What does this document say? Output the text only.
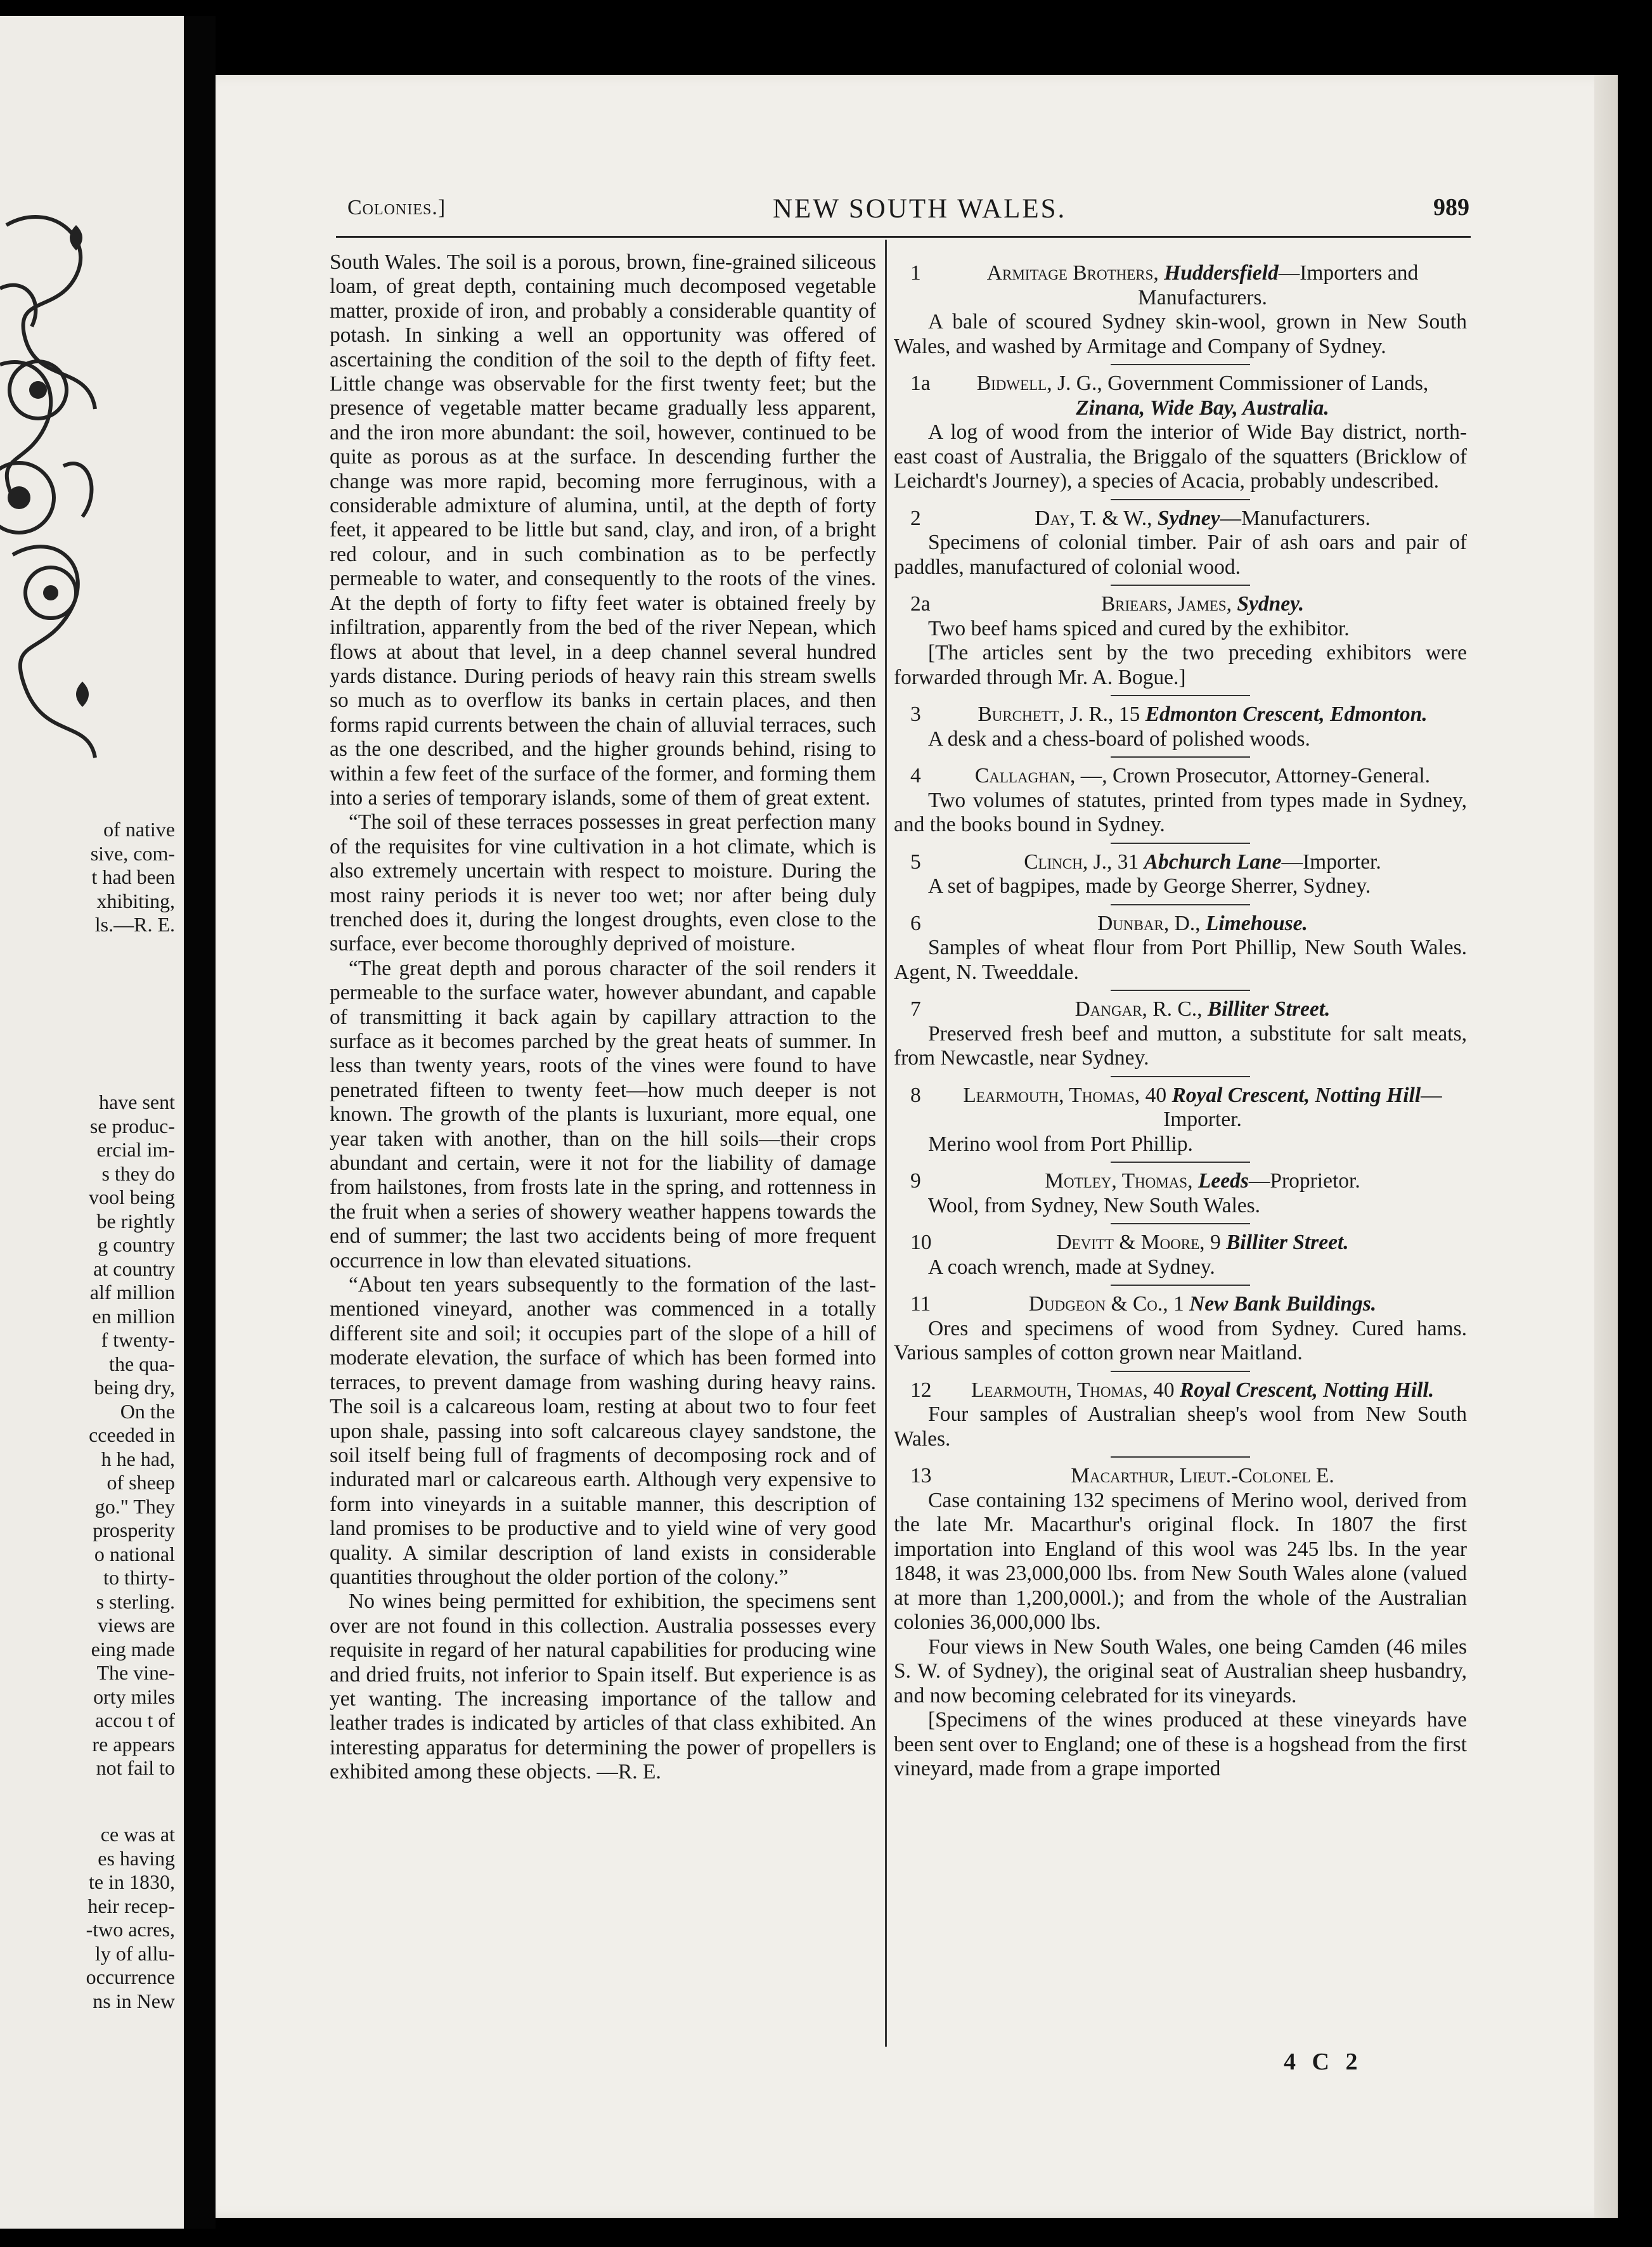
of native
sive, com-
t had been
xhibiting,
ls.—R. E.
have sent
se produc-
ercial im-
s they do
vool being
be rightly
g country
at country
alf million
en million
f twenty-
the qua-
being dry,
On the
cceeded in
h he had,
of sheep
go." They
prosperity
o national
to thirty-
s sterling.
views are
eing made
The vine-
orty miles
accou t of
re appears
not fail to
ce was at
es having
te in 1830,
heir recep-
-two acres,
ly of allu-
occurrence
ns in New
Colonies.]	NEW SOUTH WALES.	989

South Wales. The soil is a porous, brown, fine-grained siliceous loam, of great depth, containing much decomposed vegetable matter, proxide of iron, and probably a considerable quantity of potash. In sinking a well an opportunity was offered of ascertaining the condition of the soil to the depth of fifty feet. Little change was observable for the first twenty feet; but the presence of vegetable matter became gradually less apparent, and the iron more abundant: the soil, however, continued to be quite as porous as at the surface. In descending further the change was more rapid, becoming more ferruginous, with a considerable admixture of alumina, until, at the depth of forty feet, it appeared to be little but sand, clay, and iron, of a bright red colour, and in such combination as to be perfectly permeable to water, and consequently to the roots of the vines. At the depth of forty to fifty feet water is obtained freely by infiltration, apparently from the bed of the river Nepean, which flows at about that level, in a deep channel several hundred yards distance. During periods of heavy rain this stream swells so much as to overflow its banks in certain places, and then forms rapid currents between the chain of alluvial terraces, such as the one described, and the higher grounds behind, rising to within a few feet of the surface of the former, and forming them into a series of temporary islands, some of them of great extent.

“The soil of these terraces possesses in great perfection many of the requisites for vine cultivation in a hot climate, which is also extremely uncertain with respect to moisture. During the most rainy periods it is never too wet; nor after being duly trenched does it, during the longest droughts, even close to the surface, ever become thoroughly deprived of moisture.

“The great depth and porous character of the soil renders it permeable to the surface water, however abundant, and capable of transmitting it back again by capillary attraction to the surface as it becomes parched by the great heats of summer. In less than twenty years, roots of the vines were found to have penetrated fifteen to twenty feet—how much deeper is not known. The growth of the plants is luxuriant, more equal, one year taken with another, than on the hill soils—their crops abundant and certain, were it not for the liability of damage from hailstones, from frosts late in the spring, and rottenness in the fruit when a series of showery weather happens towards the end of summer; the last two accidents being of more frequent occurrence in low than elevated situations.

“About ten years subsequently to the formation of the last-mentioned vineyard, another was commenced in a totally different site and soil; it occupies part of the slope of a hill of moderate elevation, the surface of which has been formed into terraces, to prevent damage from washing during heavy rains. The soil is a calcareous loam, resting at about two to four feet upon shale, passing into soft calcareous clayey sandstone, the soil itself being full of fragments of decomposing rock and of indurated marl or calcareous earth. Although very expensive to form into vineyards in a suitable manner, this description of land promises to be productive and to yield wine of very good quality. A similar description of land exists in considerable quantities throughout the older portion of the colony.”

No wines being permitted for exhibition, the specimens sent over are not found in this collection. Australia possesses every requisite in regard of her natural capabilities for producing wine and dried fruits, not inferior to Spain itself. But experience is as yet wanting. The increasing importance of the tallow and leather trades is indicated by articles of that class exhibited. An interesting apparatus for determining the power of propellers is exhibited among these objects. —R. E.

1	Armitage Brothers, Huddersfield—Importers and Manufacturers.
A bale of scoured Sydney skin-wool, grown in New South Wales, and washed by Armitage and Company of Sydney.
1a Bidwell, J. G., Government Commissioner of Lands, Zinana, Wide Bay, Australia.
A log of wood from the interior of Wide Bay district, north-east coast of Australia, the Briggalo of the squatters (Bricklow of Leichardt's Journey), a species of Acacia, probably undescribed.
2	Day, T. & W., Sydney—Manufacturers.
Specimens of colonial timber. Pair of ash oars and pair of paddles, manufactured of colonial wood.
2a	Briears, James, Sydney.
Two beef hams spiced and cured by the exhibitor.
[The articles sent by the two preceding exhibitors were forwarded through Mr. A. Bogue.]
3	Burchett, J. R., 15 Edmonton Crescent, Edmonton.
A desk and a chess-board of polished woods.
4	Callaghan, —, Crown Prosecutor, Attorney-General.
Two volumes of statutes, printed from types made in Sydney, and the books bound in Sydney.
5	Clinch, J., 31 Abchurch Lane—Importer.
A set of bagpipes, made by George Sherrer, Sydney.
6	Dunbar, D., Limehouse.
Samples of wheat flour from Port Phillip, New South Wales. Agent, N. Tweeddale.
7	Dangar, R. C., Billiter Street.
Preserved fresh beef and mutton, a substitute for salt meats, from Newcastle, near Sydney.
8 Learmouth, Thomas, 40 Royal Crescent, Notting Hill—Importer.
Merino wool from Port Phillip.
9	Motley, Thomas, Leeds—Proprietor.
Wool, from Sydney, New South Wales.
10	Devitt & Moore, 9 Billiter Street.
A coach wrench, made at Sydney.
11	Dudgeon & Co., 1 New Bank Buildings.
Ores and specimens of wood from Sydney. Cured hams. Various samples of cotton grown near Maitland.
12 Learmouth, Thomas, 40 Royal Crescent, Notting Hill.
Four samples of Australian sheep's wool from New South Wales.
13	Macarthur, Lieut.-Colonel E.
Case containing 132 specimens of Merino wool, derived from the late Mr. Macarthur's original flock. In 1807 the first importation into England of this wool was 245 lbs. In the year 1848, it was 23,000,000 lbs. from New South Wales alone (valued at more than 1,200,000l.); and from the whole of the Australian colonies 36,000,000 lbs.
Four views in New South Wales, one being Camden (46 miles S. W. of Sydney), the original seat of Australian sheep husbandry, and now becoming celebrated for its vineyards.
[Specimens of the wines produced at these vineyards have been sent over to England; one of these is a hogshead from the first vineyard, made from a grape imported
4 C 2
